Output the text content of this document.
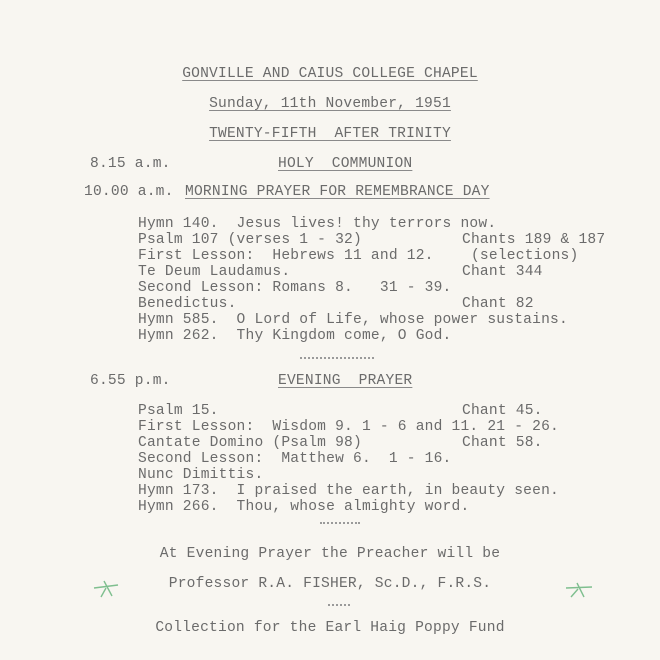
GONVILLE AND CAIUS COLLEGE CHAPEL
Sunday, 11th November, 1951
TWENTY-FIFTH  AFTER TRINITY
8.15 a.m.	HOLY  COMMUNION
10.00 a.m. MORNING PRAYER FOR REMEMBRANCE DAY
Hymn 140.  Jesus lives! thy terrors now.
Psalm 107 (verses 1 - 32)	Chants 189 & 187
First Lesson:  Hebrews 11 and 12. (selections)
Te Deum Laudamus.	Chant 344
Second Lesson: Romans 8.   31 - 39.
Benedictus.	Chant 82
Hymn 585.  O Lord of Life, whose power sustains.
Hymn 262.  Thy Kingdom come, O God.
6.55 p.m.	EVENING  PRAYER
Psalm 15.	Chant 45.
First Lesson:  Wisdom 9. 1 - 6 and 11. 21 - 26.
Cantate Domino (Psalm 98)	Chant 58.
Second Lesson:  Matthew 6.  1 - 16.
Nunc Dimittis.
Hymn 173.  I praised the earth, in beauty seen.
Hymn 266.  Thou, whose almighty word.
At Evening Prayer the Preacher will be
Professor R.A. FISHER, Sc.D., F.R.S.
Collection for the Earl Haig Poppy Fund
